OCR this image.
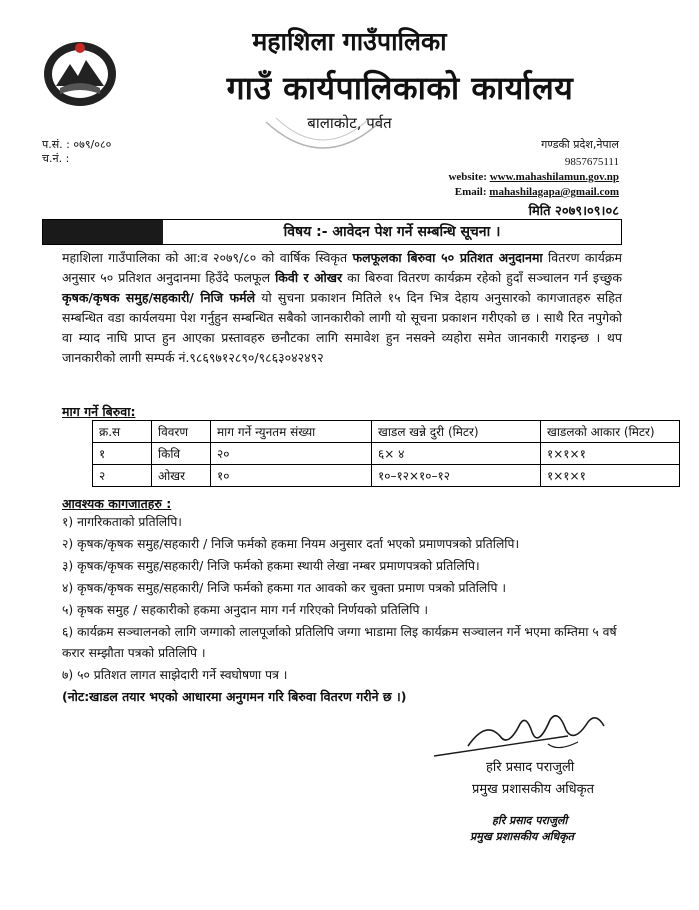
महाशिला गाउँपालिका
गाउँ कार्यपालिकाको कार्यालय
बालाकोट, पर्वत
प.सं. : ०७९/०८०
च.नं. :
गण्डकी प्रदेश,नेपाल
9857675111
website: www.mahashilamun.gov.np
Email: mahashilagapa@gmail.com
मिति २०७९।०९।०८
विषय :- आवेदन पेश गर्ने सम्बन्धि सूचना ।
महाशिला गाउँपालिका को आ:व २०७९/८० को वार्षिक स्विकृत फलफूलका बिरुवा ५० प्रतिशत अनुदानमा वितरण कार्यक्रम अनुसार ५० प्रतिशत अनुदानमा हिउँदे फलफूल किवी र ओखर का बिरुवा वितरण कार्यक्रम रहेको हुदाँ सञ्चालन गर्न इच्छुक कृषक/कृषक समुह/सहकारी/ निजि फर्मले यो सुचना प्रकाशन मितिले १५ दिन भित्र देहाय अनुसारको कागजातहरु सहित सम्बन्धित वडा कार्यलयमा पेश गर्नुहुन सम्बन्धित सबैको जानकारीको लागी यो सूचना प्रकाशन गरीएको छ । साथै रित नपुगेको वा म्याद नाघि प्राप्त हुन आएका प्रस्तावहरु छनौटका लागि समावेश हुन नसक्ने व्यहोरा समेत जानकारी गराइन्छ । थप जानकारीको लागी सम्पर्क नं.९८६९७१२८९०/९८६३०४२४९२
माग गर्ने बिरुवा:
क्र.स	विवरण	माग गर्ने न्युनतम संख्या	खाडल खन्ने दुरी (मिटर)	खाडलको आकार (मिटर)
१	किवि	२०	६× ४	१×१×१
२	ओखर	१०	१०–१२×१०–१२	१×१×१
आवश्यक कागजातहरु :
१) नागरिकताको प्रतिलिपि।
२) कृषक/कृषक समुह/सहकारी / निजि फर्मको हकमा नियम अनुसार दर्ता भएको प्रमाणपत्रको प्रतिलिपि।
३) कृषक/कृषक समुह/सहकारी/ निजि फर्मको हकमा स्थायी लेखा नम्बर प्रमाणपत्रको प्रतिलिपि।
४) कृषक/कृषक समुह/सहकारी/ निजि फर्मको हकमा गत आवको कर चुक्ता प्रमाण पत्रको प्रतिलिपि ।
५) कृषक समुह / सहकारीको हकमा अनुदान माग गर्न गरिएको निर्णयको प्रतिलिपि ।
६) कार्यक्रम सञ्चालनको लागि जग्गाको लालपूर्जाको प्रतिलिपि जग्गा भाडामा लिइ कार्यक्रम सञ्चालन गर्ने भएमा कम्तिमा ५ वर्ष करार सम्झौता पत्रको प्रतिलिपि ।
७) ५० प्रतिशत लागत साझेदारी गर्ने स्वघोषणा पत्र ।
(नोट:खाडल तयार भएको आधारमा अनुगमन गरि बिरुवा वितरण गरीने छ ।)
हरि प्रसाद पराजुली
प्रमुख प्रशासकीय अधिकृत
हरि प्रसाद पराजुली
प्रमुख प्रशासकीय अधिकृत
